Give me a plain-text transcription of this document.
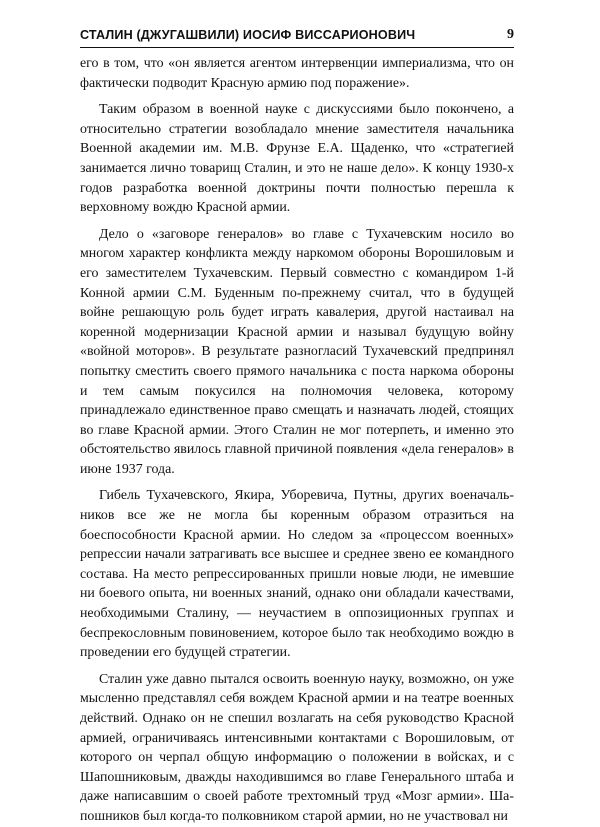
СТАЛИН (ДЖУГАШВИЛИ) ИОСИФ ВИССАРИОНОВИЧ	9

его в том, что «он является агентом интервенции империализма, что он фактически подводит Красную армию под поражение».

Таким образом в военной науке с дискуссиями было покончено, а относительно стратегии возобладало мнение заместителя начальника Военной академии им. М.В. Фрунзе Е.А. Щаденко, что «стратегией занимается лично товарищ Сталин, и это не наше дело». К концу 1930-х годов разработка военной доктрины почти полностью перешла к верховному вождю Красной армии.

Дело о «заговоре генералов» во главе с Тухачевским носило во многом характер конфликта между наркомом обороны Ворошиловым и его заместителем Тухачевским. Первый совместно с командиром 1-й Конной армии С.М. Буденным по-прежнему считал, что в будущей войне решающую роль будет играть кавалерия, другой настаивал на коренной модернизации Красной армии и называл будущую войну «войной моторов». В результате разногласий Тухачевский предпринял попытку сместить своего прямого начальника с поста наркома обороны и тем самым покусился на полномочия человека, которому принадлежало единственное право смещать и назначать людей, стоящих во главе Красной армии. Этого Сталин не мог потерпеть, и именно это обстоятельство явилось главной причиной появления «дела генералов» в июне 1937 года.

Гибель Тухачевского, Якира, Уборевича, Путны, других военачальников все же не могла бы коренным образом отразиться на боеспособности Красной армии. Но следом за «процессом военных» репрессии начали затрагивать все высшее и среднее звено ее командного состава. На место репрессированных пришли новые люди, не имевшие ни боевого опыта, ни военных знаний, однако они обладали качествами, необходимыми Сталину, — неучастием в оппозиционных группах и беспрекословным повиновением, которое было так необходимо вождю в проведении его будущей стратегии.

Сталин уже давно пытался освоить военную науку, возможно, он уже мысленно представлял себя вождем Красной армии и на театре военных действий. Однако он не спешил возлагать на себя руководство Красной армией, ограничиваясь интенсивными контактами с Ворошиловым, от которого он черпал общую информацию о положении в войсках, и с Шапошниковым, дважды находившимся во главе Генерального штаба и даже написавшим о своей работе трехтомный труд «Мозг армии». Шапошников был когда-то полковником старой армии, но не участвовал ни
